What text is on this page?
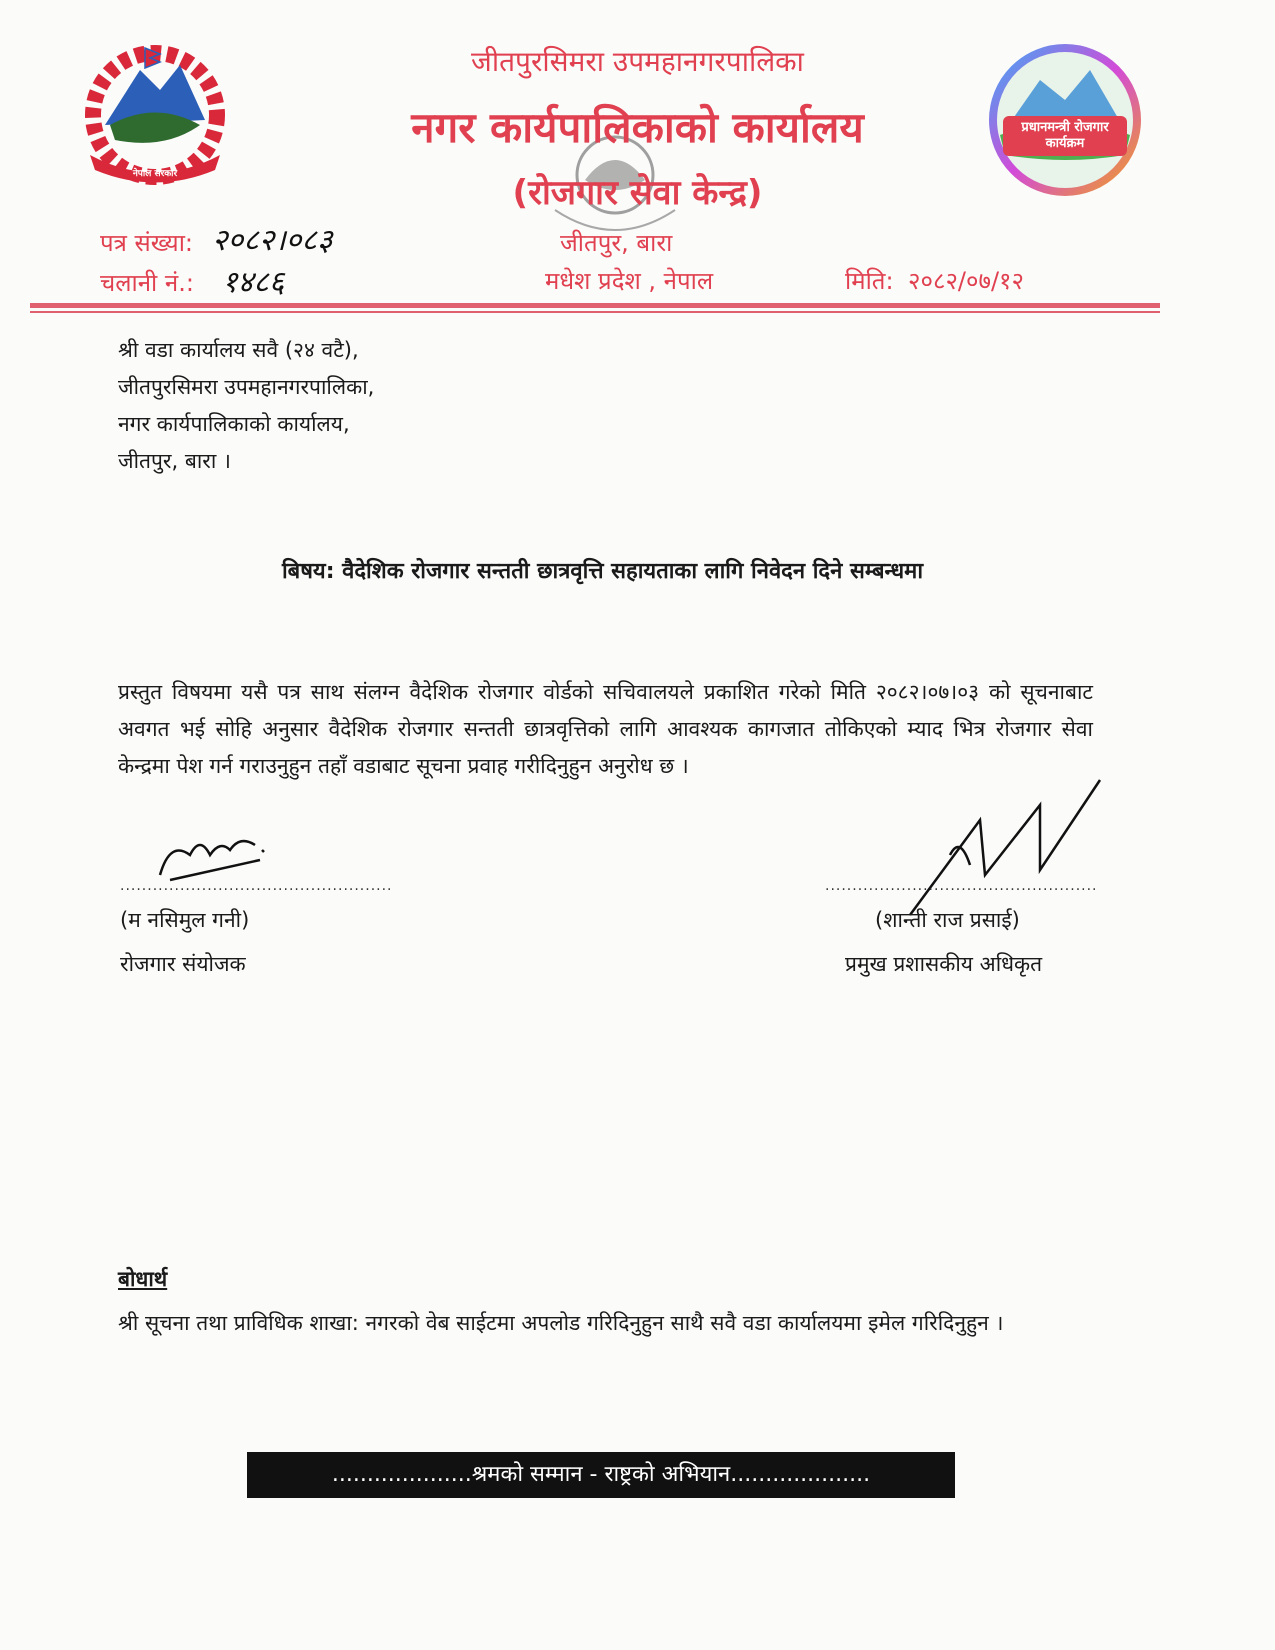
नेपाल सरकार
प्रधानमन्त्री रोजगार कार्यक्रम
जीतपुरसिमरा उपमहानगरपालिका
नगर कार्यपालिकाको कार्यालय
(रोजगार सेवा केन्द्र)
जीतपुर, बारा
मधेश प्रदेश , नेपाल
पत्र संख्या: २०८२।०८३
चलानी नं.: १४८६	मिति: २०८२/०७/१२
श्री वडा कार्यालय सवै (२४ वटै),
जीतपुरसिमरा उपमहानगरपालिका,
नगर कार्यपालिकाको कार्यालय,
जीतपुर, बारा ।
बिषय: वैदेशिक रोजगार सन्तती छात्रवृत्ति सहायताका लागि निवेदन दिने सम्बन्धमा
प्रस्तुत विषयमा यसै पत्र साथ संलग्न वैदेशिक रोजगार वोर्डको सचिवालयले प्रकाशित गरेको मिति २०८२।०७।०३ को सूचनाबाट अवगत भई सोहि अनुसार वैदेशिक रोजगार सन्तती छात्रवृत्तिको लागि आवश्यक कागजात तोकिएको म्याद भित्र रोजगार सेवा केन्द्रमा पेश गर्न गराउनुहुन तहाँ वडाबाट सूचना प्रवाह गरीदिनुहुन अनुरोध छ ।
..................................................
(म नसिमुल गनी)
रोजगार संयोजक
..................................................
(शान्ती राज प्रसाई)
प्रमुख प्रशासकीय अधिकृत
बोधार्थ
श्री सूचना तथा प्राविधिक शाखा: नगरको वेब साईटमा अपलोड गरिदिनुहुन साथै सवै वडा कार्यालयमा इमेल गरिदिनुहुन ।
....................श्रमको सम्मान - राष्ट्रको अभियान....................
